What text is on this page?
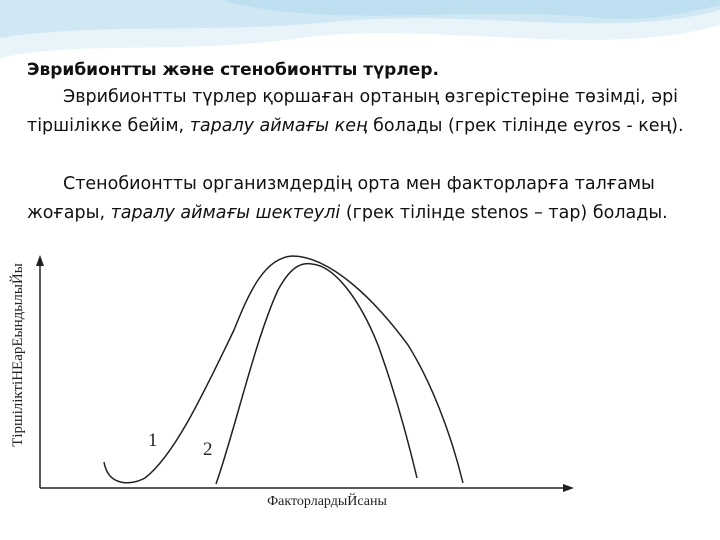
Эврибионтты және стенобионтты түрлер.

Эврибионтты түрлер қоршаған ортаның өзгерістеріне төзімді, әрі тіршілікке бейім, таралу аймағы кең болады (грек тілінде eyros - кең).

Стенобионтты организмдердің орта мен факторларға талғамы жоғары, таралу аймағы шектеулі (грек тілінде stenos – тар) болады.

1 2
ТіршіліктіНЕарЕындылыЙы
ФакторлардыЙсаны
